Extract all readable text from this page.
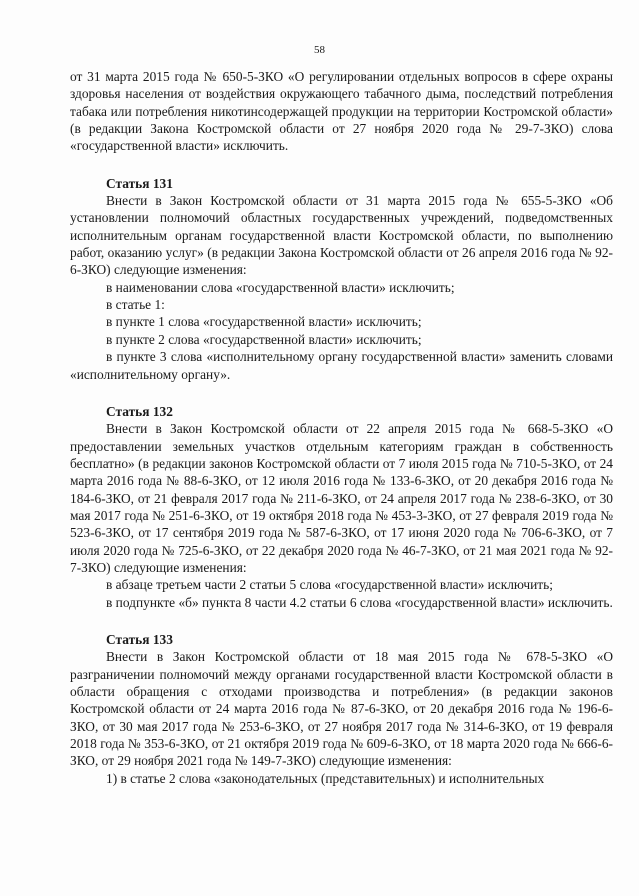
58

от 31 марта 2015 года № 650-5-ЗКО «О регулировании отдельных вопросов в сфере охраны здоровья населения от воздействия окружающего табачного дыма, последствий потребления табака или потребления никотинсодержащей продукции на территории Костромской области» (в редакции Закона Костромской области от 27 ноября 2020 года № 29-7-ЗКО) слова «государственной власти» исключить.

Статья 131

Внести в Закон Костромской области от 31 марта 2015 года № 655-5-ЗКО «Об установлении полномочий областных государственных учреждений, подведомственных исполнительным органам государственной власти Костромской области, по выполнению работ, оказанию услуг» (в редакции Закона Костромской области от 26 апреля 2016 года № 92-6-ЗКО) следующие изменения:

в наименовании слова «государственной власти» исключить;

в статье 1:

в пункте 1 слова «государственной власти» исключить;

в пункте 2 слова «государственной власти» исключить;

в пункте 3 слова «исполнительному органу государственной власти» заменить словами «исполнительному органу».

Статья 132

Внести в Закон Костромской области от 22 апреля 2015 года № 668-5-ЗКО «О предоставлении земельных участков отдельным категориям граждан в собственность бесплатно» (в редакции законов Костромской области от 7 июля 2015 года № 710-5-ЗКО, от 24 марта 2016 года № 88-6-ЗКО, от 12 июля 2016 года № 133-6-ЗКО, от 20 декабря 2016 года № 184-6-ЗКО, от 21 февраля 2017 года № 211-6-ЗКО, от 24 апреля 2017 года № 238-6-ЗКО, от 30 мая 2017 года № 251-6-ЗКО, от 19 октября 2018 года № 453-3-ЗКО, от 27 февраля 2019 года № 523-6-ЗКО, от 17 сентября 2019 года № 587-6-ЗКО, от 17 июня 2020 года № 706-6-ЗКО, от 7 июля 2020 года № 725-6-ЗКО, от 22 декабря 2020 года № 46-7-ЗКО, от 21 мая 2021 года № 92-7-ЗКО) следующие изменения:

в абзаце третьем части 2 статьи 5 слова «государственной власти» исключить;

в подпункте «б» пункта 8 части 4.2 статьи 6 слова «государственной власти» исключить.

Статья 133

Внести в Закон Костромской области от 18 мая 2015 года № 678-5-ЗКО «О разграничении полномочий между органами государственной власти Костромской области в области обращения с отходами производства и потребления» (в редакции законов Костромской области от 24 марта 2016 года № 87-6-ЗКО, от 20 декабря 2016 года № 196-6-ЗКО, от 30 мая 2017 года № 253-6-ЗКО, от 27 ноября 2017 года № 314-6-ЗКО, от 19 февраля 2018 года № 353-6-ЗКО, от 21 октября 2019 года № 609-6-ЗКО, от 18 марта 2020 года № 666-6-ЗКО, от 29 ноября 2021 года № 149-7-ЗКО) следующие изменения:

1) в статье 2 слова «законодательных (представительных) и исполнительных
